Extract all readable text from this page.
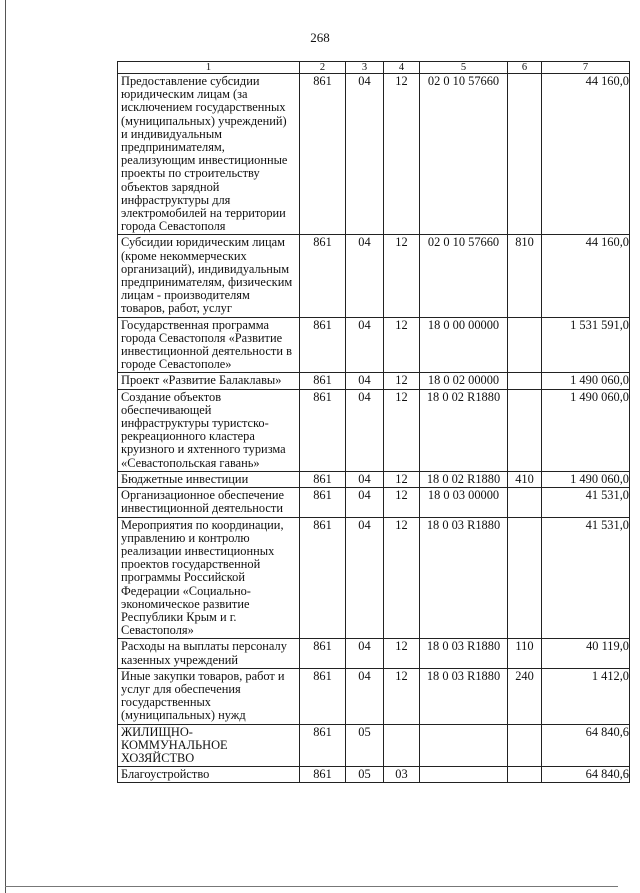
268
1	2	3	4	5	6	7
Предоставление субсидии юридическим лицам (за исключением государственных (муниципальных) учреждений) и индивидуальным предпринимателям, реализующим инвестиционные проекты по строительству объектов зарядной инфраструктуры для электромобилей на территории города Севастополя	861	04	12	02 0 10 57660		44 160,0
Субсидии юридическим лицам (кроме некоммерческих организаций), индивидуальным предпринимателям, физическим лицам - производителям товаров, работ, услуг	861	04	12	02 0 10 57660	810	44 160,0
Государственная программа города Севастополя «Развитие инвестиционной деятельности в городе Севастополе»	861	04	12	18 0 00 00000		1 531 591,0
Проект «Развитие Балаклавы»	861	04	12	18 0 02 00000		1 490 060,0
Создание объектов обеспечивающей инфраструктуры туристско-рекреационного кластера круизного и яхтенного туризма «Севастопольская гавань»	861	04	12	18 0 02 R1880		1 490 060,0
Бюджетные инвестиции	861	04	12	18 0 02 R1880	410	1 490 060,0
Организационное обеспечение инвестиционной деятельности	861	04	12	18 0 03 00000		41 531,0
Мероприятия по координации, управлению и контролю реализации инвестиционных проектов государственной программы Российской Федерации «Социально-экономическое развитие Республики Крым и г. Севастополя»	861	04	12	18 0 03 R1880		41 531,0
Расходы на выплаты персоналу казенных учреждений	861	04	12	18 0 03 R1880	110	40 119,0
Иные закупки товаров, работ и услуг для обеспечения государственных (муниципальных) нужд	861	04	12	18 0 03 R1880	240	1 412,0
ЖИЛИЩНО-КОММУНАЛЬНОЕ ХОЗЯЙСТВО	861	05				64 840,6
Благоустройство	861	05	03			64 840,6
